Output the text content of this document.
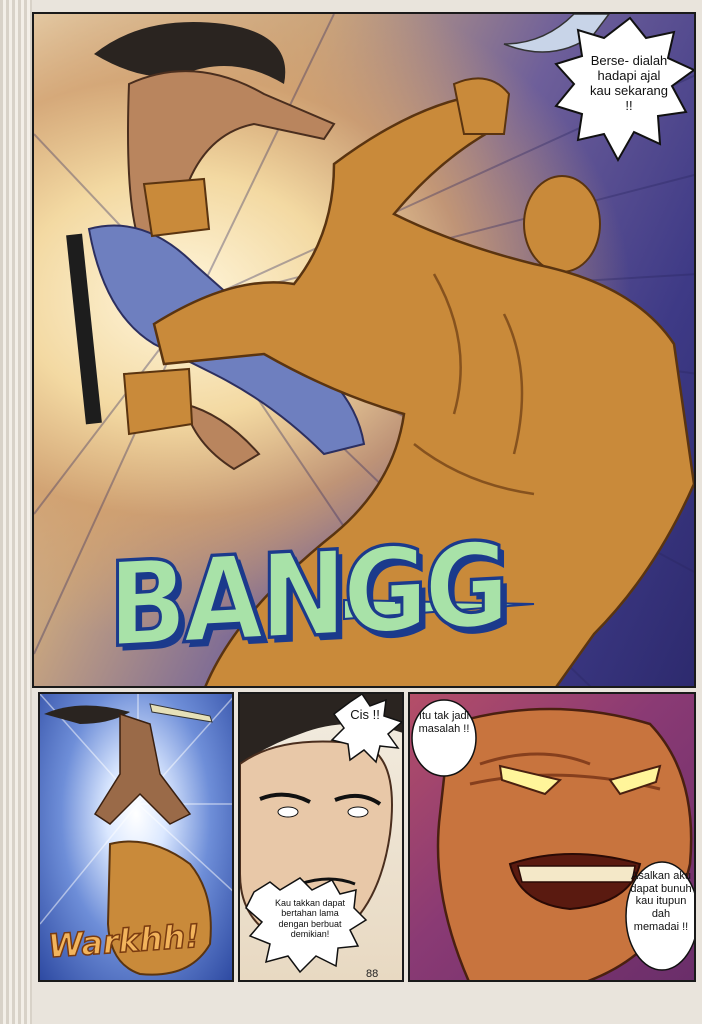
BANGG
Berse- dialah hadapi ajal kau sekarang !!
Warkhh!
Cis !!
Kau takkan dapat bertahan lama dengan berbuat demikian!
Itu tak jadi masalah !!
Asalkan aku dapat bunuh kau itupun dah memadai !!
88
